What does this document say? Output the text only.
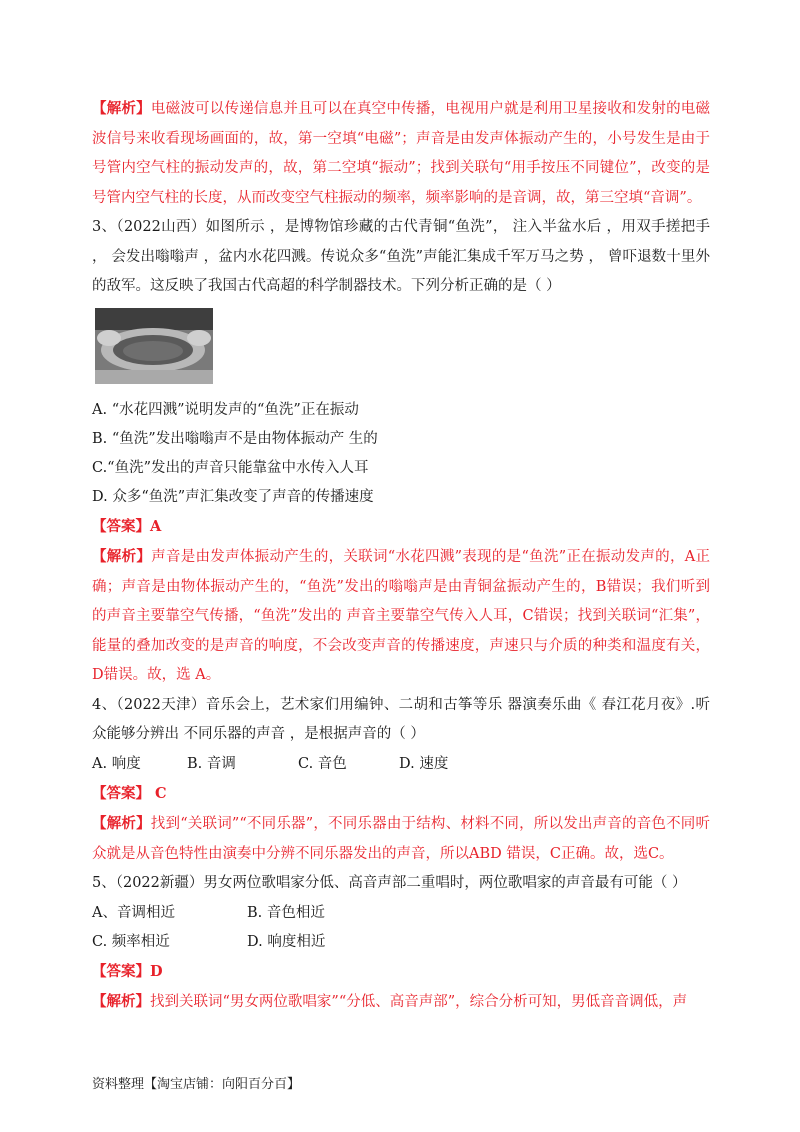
【解析】电磁波可以传递信息并且可以在真空中传播，电视用户就是利用卫星接收和发射的电磁波信号来收看现场画面的，故，第一空填“电磁”；声音是由发声体振动产生的，小号发生是由于号管内空气柱的振动发声的，故，第二空填“振动”；找到关联句“用手按压不同键位”，改变的是号管内空气柱的长度，从而改变空气柱振动的频率，频率影响的是音调，故，第三空填“音调”。

3、（2022山西）如图所示 ，是博物馆珍藏的古代青铜“鱼洗”， 注入半盆水后 ，用双手搓把手 ， 会发出嗡嗡声 ，盆内水花四溅。传说众多“鱼洗”声能汇集成千军万马之势 ， 曾吓退数十里外的敌军。这反映了我国古代高超的科学制器技术。下列分析正确的是（ ）

A. “水花四溅”说明发声的“鱼洗”正在振动

B. “鱼洗”发出嗡嗡声不是由物体振动产 生的

C.“鱼洗”发出的声音只能靠盆中水传入人耳

D. 众多“鱼洗”声汇集改变了声音的传播速度

【答案】A

【解析】声音是由发声体振动产生的，关联词“水花四溅”表现的是“鱼洗”正在振动发声的，A正确；声音是由物体振动产生的，“鱼洗”发出的嗡嗡声是由青铜盆振动产生的，B错误；我们听到的声音主要靠空气传播，“鱼洗”发出的 声音主要靠空气传入人耳，C错误；找到关联词“汇集”，能量的叠加改变的是声音的响度，不会改变声音的传播速度，声速只与介质的种类和温度有关，D错误。故，选 A。

4、（2022天津）音乐会上，艺术家们用编钟、二胡和古筝等乐 器演奏乐曲《 春江花月夜》.听众能够分辨出 不同乐器的声音 ，是根据声音的（ ）

A. 响度	B. 音调	C. 音色	D. 速度

【答案】 C

【解析】找到“关联词”“不同乐器”，不同乐器由于结构、材料不同，所以发出声音的音色不同听众就是从音色特性由演奏中分辨不同乐器发出的声音，所以ABD 错误，C正确。故，选C。

5、（2022新疆）男女两位歌唱家分低、高音声部二重唱时，两位歌唱家的声音最有可能（ ）

A、音调相近	B. 音色相近
C. 频率相近	D. 响度相近

【答案】D

【解析】找到关联词“男女两位歌唱家”“分低、高音声部”，综合分析可知，男低音音调低，声

资料整理【淘宝店铺：向阳百分百】
